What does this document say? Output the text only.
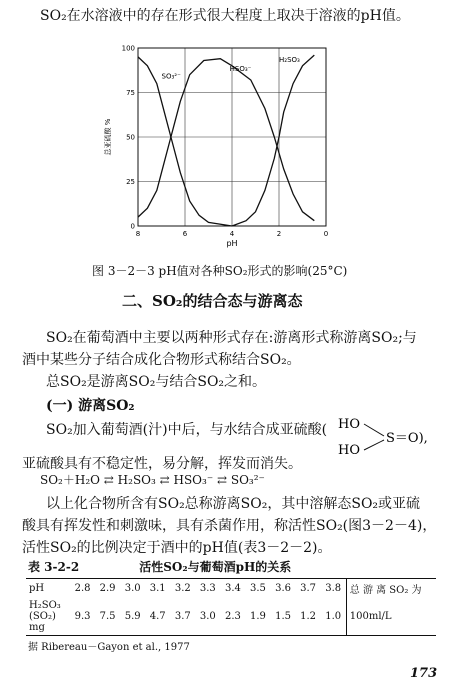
SO₂在水溶液中的存在形式很大程度上取决于溶液的pH值。
8	6	4	2	0
0
25
50
75
100
pH
总亚硫酸 %
SO₃²⁻
HSO₃⁻
H₂SO₃
图 3－2－3 pH值对各种SO₂形式的影响(25°C)
二、SO₂的结合态与游离态
SO₂在葡萄酒中主要以两种形式存在:游离形式称游离SO₂;与
酒中某些分子结合成化合物形式称结合SO₂。
总SO₂是游离SO₂与结合SO₂之和。
(一) 游离SO₂
SO₂加入葡萄酒(汁)中后，与水结合成亚硫酸( HO
HO
S＝O),
亚硫酸具有不稳定性，易分解，挥发而消失。
SO₂＋H₂O ⇄ H₂SO₃ ⇄ HSO₃⁻ ⇄ SO₃²⁻
以上化合物所含有SO₂总称游离SO₂，其中溶解态SO₂或亚硫
酸具有挥发性和刺激味，具有杀菌作用，称活性SO₂(图3－2－4)，
活性SO₂的比例决定于酒中的pH值(表3－2－2)。
表 3-2-2	活性SO₂与葡萄酒pH的关系
pH	2.8	2.9	3.0	3.1	3.2	3.3	3.4	3.5	3.6	3.7	3.8	总 游 离 SO₂ 为
H₂SO₃ (SO₂) mg	9.3	7.5	5.9	4.7	3.7	3.0	2.3	1.9	1.5	1.2	1.0	100ml/L
据 Ribereau－Gayon et al., 1977
173
